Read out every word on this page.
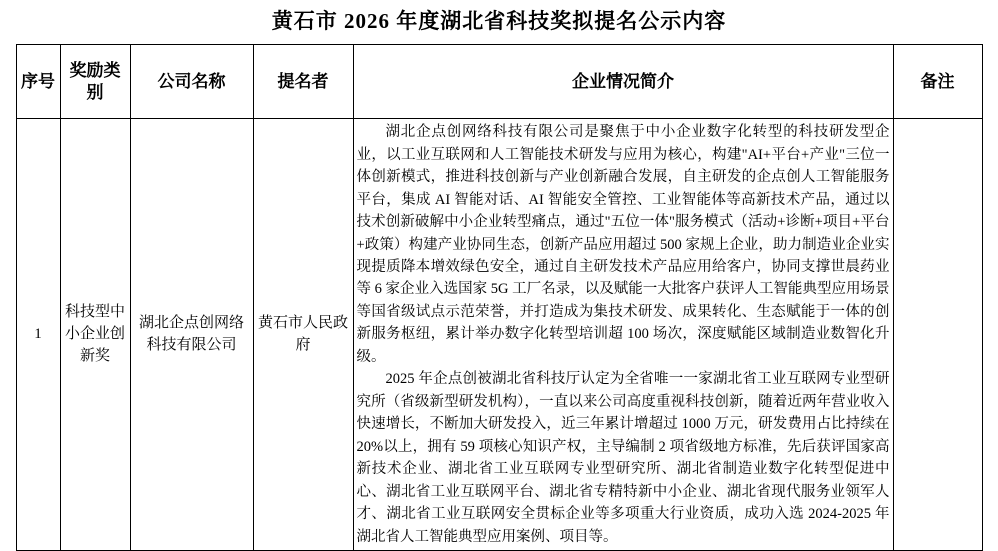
黄石市 2026 年度湖北省科技奖拟提名公示内容
序号	奖励类别	公司名称	提名者	企业情况简介	备注
1	科技型中小企业创新奖	湖北企点创网络科技有限公司	黄石市人民政府	湖北企点创网络科技有限公司是聚焦于中小企业数字化转型的科技研发型企业，以工业互联网和人工智能技术研发与应用为核心，构建"AI+平台+产业"三位一体创新模式，推进科技创新与产业创新融合发展，自主研发的企点创人工智能服务平台，集成 AI 智能对话、AI 智能安全管控、工业智能体等高新技术产品，通过以技术创新破解中小企业转型痛点，通过"五位一体"服务模式（活动+诊断+项目+平台+政策）构建产业协同生态，创新产品应用超过 500 家规上企业，助力制造业企业实现提质降本增效绿色安全，通过自主研发技术产品应用给客户，协同支撑世晨药业等 6 家企业入选国家 5G 工厂名录，以及赋能一大批客户获评人工智能典型应用场景等国省级试点示范荣誉，并打造成为集技术研发、成果转化、生态赋能于一体的创新服务枢纽，累计举办数字化转型培训超 100 场次，深度赋能区域制造业数智化升级。

2025 年企点创被湖北省科技厅认定为全省唯一一家湖北省工业互联网专业型研究所（省级新型研发机构），一直以来公司高度重视科技创新，随着近两年营业收入快速增长，不断加大研发投入，近三年累计增超过 1000 万元，研发费用占比持续在 20%以上，拥有 59 项核心知识产权，主导编制 2 项省级地方标准，先后获评国家高新技术企业、湖北省工业互联网专业型研究所、湖北省制造业数字化转型促进中心、湖北省工业互联网平台、湖北省专精特新中小企业、湖北省现代服务业领军人才、湖北省工业互联网安全贯标企业等多项重大行业资质，成功入选 2024-2025 年湖北省人工智能典型应用案例、项目等。	
